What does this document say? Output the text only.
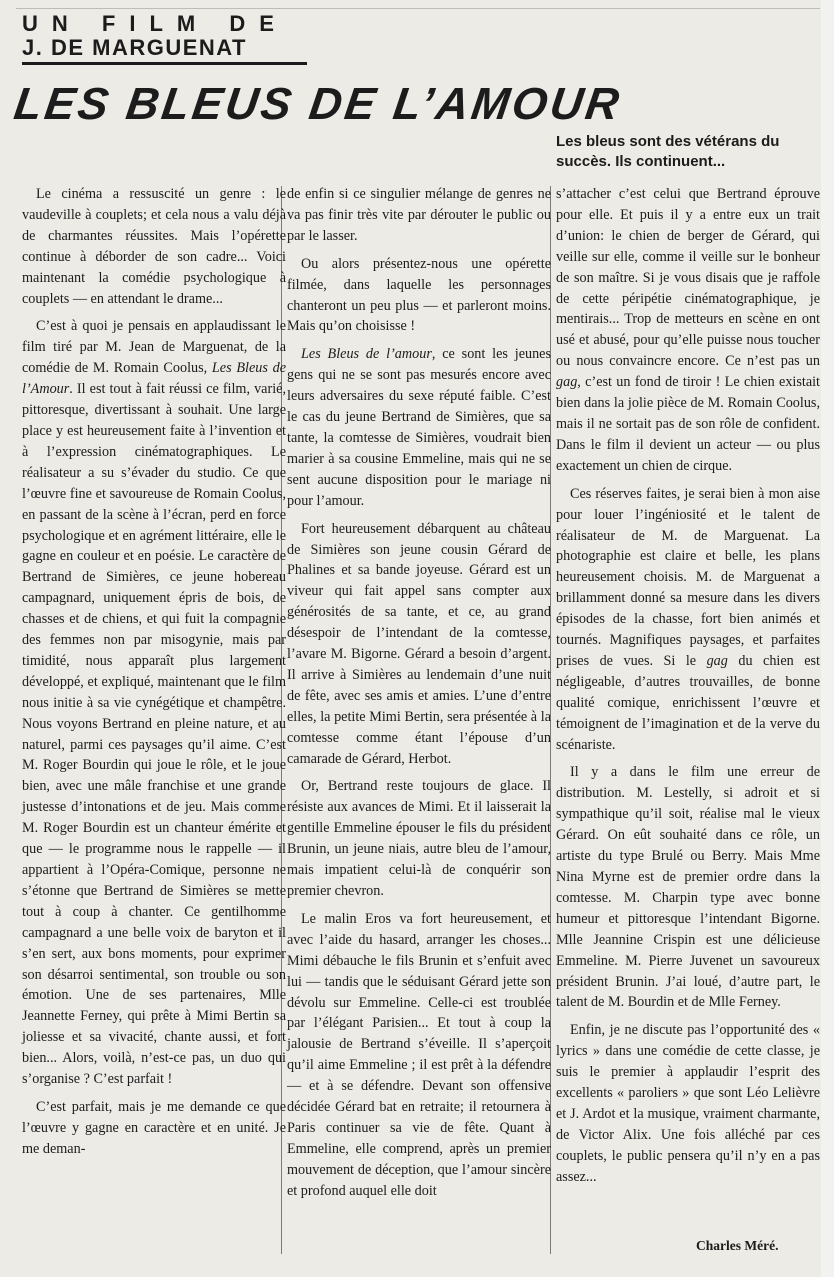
UN FILM DE
J. DE MARGUENAT
LES BLEUS DE L’AMOUR
Les bleus sont des vétérans du succès. Ils continuent...

Le cinéma a ressuscité un genre : le vaudeville à couplets; et cela nous a valu déjà de charmantes réussites. Mais l’opérette continue à déborder de son cadre... Voici maintenant la comédie psychologique à couplets — en attendant le drame...

C’est à quoi je pensais en applaudissant le film tiré par M. Jean de Marguenat, de la comédie de M. Romain Coolus, Les Bleus de l’Amour. Il est tout à fait réussi ce film, varié, pittoresque, divertissant à souhait. Une large place y est heureusement faite à l’invention et à l’expression cinématographiques. Le réalisateur a su s’évader du studio. Ce que l’œuvre fine et savoureuse de Romain Coolus, en passant de la scène à l’écran, perd en force psychologique et en agrément littéraire, elle le gagne en couleur et en poésie. Le caractère de Bertrand de Simières, ce jeune hobereau campagnard, uniquement épris de bois, de chasses et de chiens, et qui fuit la compagnie des femmes non par misogynie, mais par timidité, nous apparaît plus largement développé, et expliqué, maintenant que le film nous initie à sa vie cynégétique et champêtre. Nous voyons Bertrand en pleine nature, et au naturel, parmi ces paysages qu’il aime. C’est M. Roger Bourdin qui joue le rôle, et le joue bien, avec une mâle franchise et une grande justesse d’intonations et de jeu. Mais comme M. Roger Bourdin est un chanteur émérite et que — le programme nous le rappelle — il appartient à l’Opéra-Comique, personne ne s’étonne que Bertrand de Simières se mette tout à coup à chanter. Ce gentilhomme campagnard a une belle voix de baryton et il s’en sert, aux bons moments, pour exprimer son désarroi sentimental, son trouble ou son émotion. Une de ses partenaires, Mlle Jeannette Ferney, qui prête à Mimi Bertin sa joliesse et sa vivacité, chante aussi, et fort bien... Alors, voilà, n’est-ce pas, un duo qui s’organise ? C’est parfait !

C’est parfait, mais je me demande ce que l’œuvre y gagne en caractère et en unité. Je me deman-

de enfin si ce singulier mélange de genres ne va pas finir très vite par dérouter le public ou par le lasser.

Ou alors présentez-nous une opérette filmée, dans laquelle les personnages chanteront un peu plus — et parleront moins. Mais qu’on choisisse !

Les Bleus de l’amour, ce sont les jeunes gens qui ne se sont pas mesurés encore avec leurs adversaires du sexe réputé faible. C’est le cas du jeune Bertrand de Simières, que sa tante, la comtesse de Simières, voudrait bien marier à sa cousine Emmeline, mais qui ne se sent aucune disposition pour le mariage ni pour l’amour.

Fort heureusement débarquent au château de Simières son jeune cousin Gérard de Phalines et sa bande joyeuse. Gérard est un viveur qui fait appel sans compter aux générosités de sa tante, et ce, au grand désespoir de l’intendant de la comtesse, l’avare M. Bigorne. Gérard a besoin d’argent. Il arrive à Simières au lendemain d’une nuit de fête, avec ses amis et amies. L’une d’entre elles, la petite Mimi Bertin, sera présentée à la comtesse comme étant l’épouse d’un camarade de Gérard, Herbot.

Or, Bertrand reste toujours de glace. Il résiste aux avances de Mimi. Et il laisserait la gentille Emmeline épouser le fils du président Brunin, un jeune niais, autre bleu de l’amour, mais impatient celui-là de conquérir son premier chevron.

Le malin Eros va fort heureusement, et avec l’aide du hasard, arranger les choses... Mimi débauche le fils Brunin et s’enfuit avec lui — tandis que le séduisant Gérard jette son dévolu sur Emmeline. Celle-ci est troublée par l’élégant Parisien... Et tout à coup la jalousie de Bertrand s’éveille. Il s’aperçoit qu’il aime Emmeline ; il est prêt à la défendre — et à se défendre. Devant son offensive décidée Gérard bat en retraite; il retournera à Paris continuer sa vie de fête. Quant à Emmeline, elle comprend, après un premier mouvement de déception, que l’amour sincère et profond auquel elle doit

s’attacher c’est celui que Bertrand éprouve pour elle. Et puis il y a entre eux un trait d’union: le chien de berger de Gérard, qui veille sur elle, comme il veille sur le bonheur de son maître. Si je vous disais que je raffole de cette péripétie cinématographique, je mentirais... Trop de metteurs en scène en ont usé et abusé, pour qu’elle puisse nous toucher ou nous convaincre encore. Ce n’est pas un gag, c’est un fond de tiroir ! Le chien existait bien dans la jolie pièce de M. Romain Coolus, mais il ne sortait pas de son rôle de confident. Dans le film il devient un acteur — ou plus exactement un chien de cirque.

Ces réserves faites, je serai bien à mon aise pour louer l’ingéniosité et le talent de réalisateur de M. de Marguenat. La photographie est claire et belle, les plans heureusement choisis. M. de Marguenat a brillamment donné sa mesure dans les divers épisodes de la chasse, fort bien animés et tournés. Magnifiques paysages, et parfaites prises de vues. Si le gag du chien est négligeable, d’autres trouvailles, de bonne qualité comique, enrichissent l’œuvre et témoignent de l’imagination et de la verve du scénariste.

Il y a dans le film une erreur de distribution. M. Lestelly, si adroit et si sympathique qu’il soit, réalise mal le vieux Gérard. On eût souhaité dans ce rôle, un artiste du type Brulé ou Berry. Mais Mme Nina Myrne est de premier ordre dans la comtesse. M. Charpin type avec bonne humeur et pittoresque l’intendant Bigorne. Mlle Jeannine Crispin est une délicieuse Emmeline. M. Pierre Juvenet un savoureux président Brunin. J’ai loué, d’autre part, le talent de M. Bourdin et de Mlle Ferney.

Enfin, je ne discute pas l’opportunité des « lyrics » dans une comédie de cette classe, je suis le premier à applaudir l’esprit des excellents « paroliers » que sont Léo Lelièvre et J. Ardot et la musique, vraiment charmante, de Victor Alix. Une fois alléché par ces couplets, le public pensera qu’il n’y en a pas assez...

Charles Méré.
